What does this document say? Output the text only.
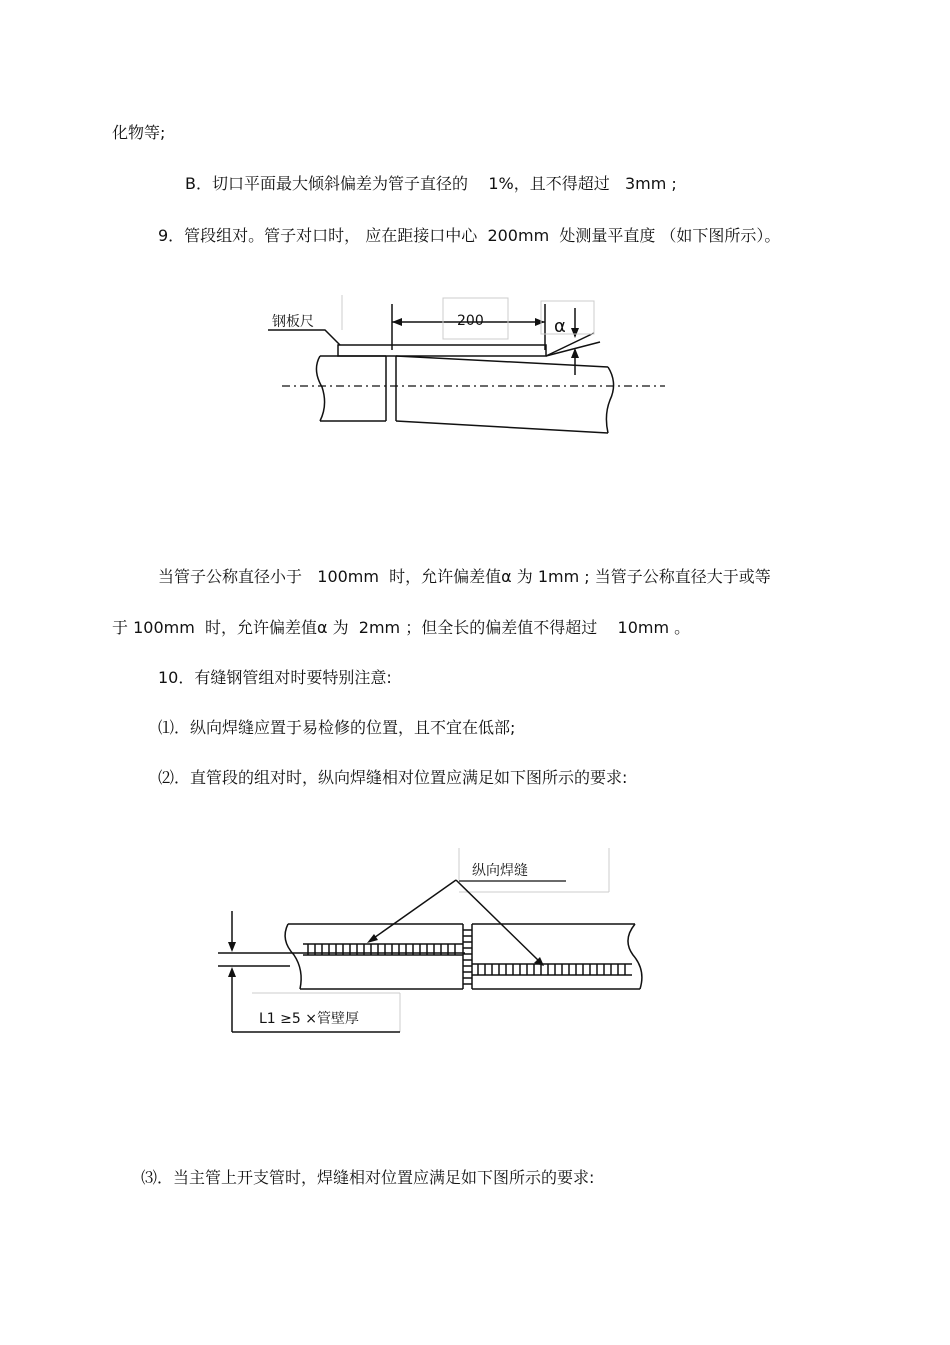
化物等;
B．切口平面最大倾斜偏差为管子直径的    1%，且不得超过   3mm ;
9．管段组对。管子对口时， 应在距接口中心  200mm  处测量平直度 （如下图所示）。
钢板尺	200	α
当管子公称直径小于   100mm  时，允许偏差值α 为 1mm ; 当管子公称直径大于或等
于 100mm  时，允许偏差值α 为  2mm ；但全长的偏差值不得超过    10mm 。
10．有缝钢管组对时要特别注意:
⑴．纵向焊缝应置于易检修的位置，且不宜在低部;
⑵．直管段的组对时，纵向焊缝相对位置应满足如下图所示的要求:
纵向焊缝
L1 ≥5 ×管壁厚
⑶．当主管上开支管时，焊缝相对位置应满足如下图所示的要求:
